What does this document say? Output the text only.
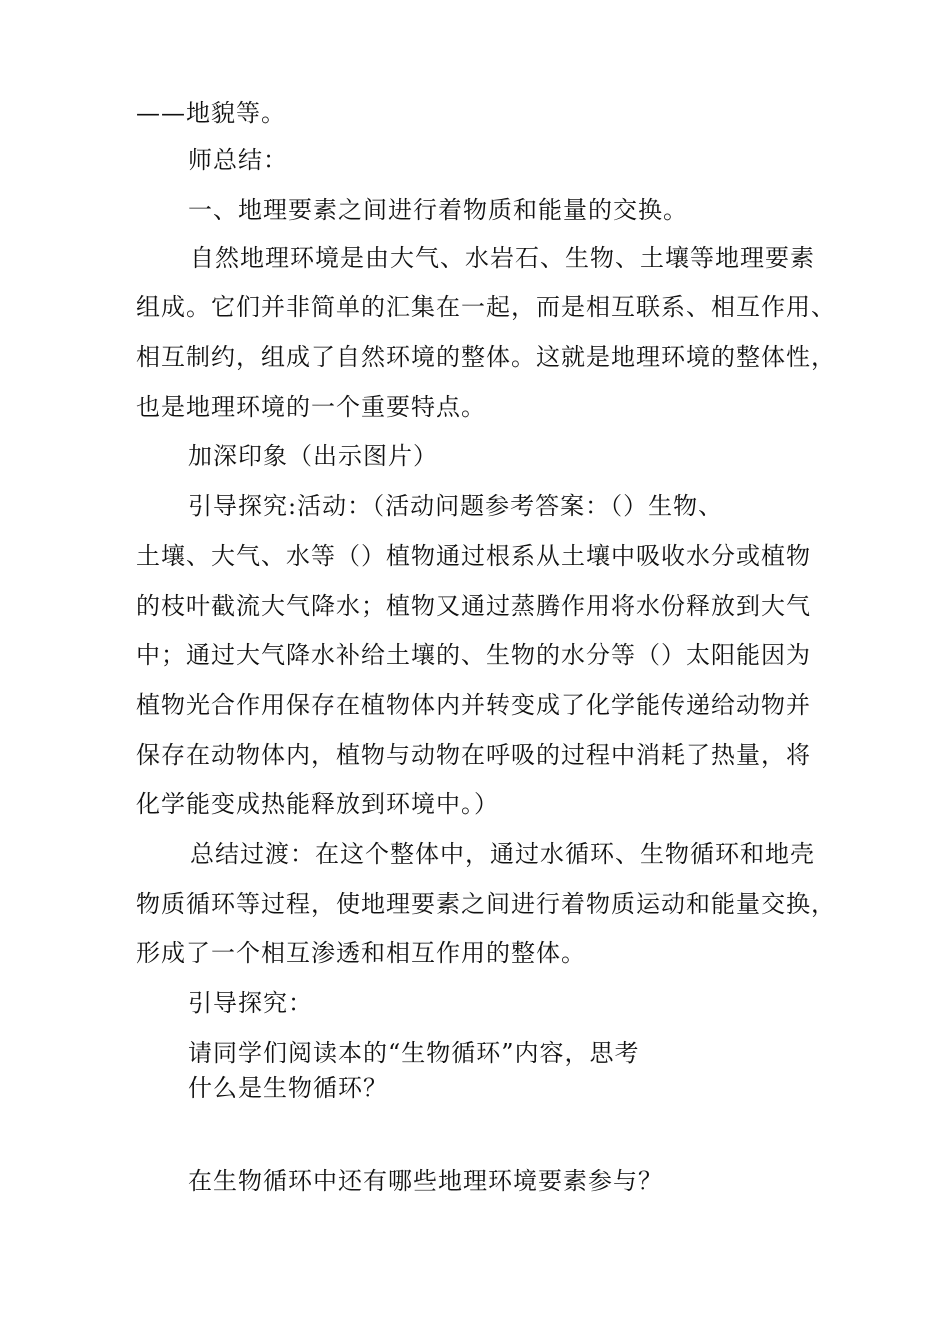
——地貌等。
师总结：
一、地理要素之间进行着物质和能量的交换。
自然地理环境是由大气、水岩石、生物、土壤等地理要素
组成。它们并非简单的汇集在一起，而是相互联系、相互作用、
相互制约，组成了自然环境的整体。这就是地理环境的整体性，
也是地理环境的一个重要特点。
加深印象（出示图片）
引导探究:活动：（活动问题参考答案：（）生物、
土壤、大气、水等（）植物通过根系从土壤中吸收水分或植物
的枝叶截流大气降水；植物又通过蒸腾作用将水份释放到大气
中；通过大气降水补给土壤的、生物的水分等（）太阳能因为
植物光合作用保存在植物体内并转变成了化学能传递给动物并
保存在动物体内，植物与动物在呼吸的过程中消耗了热量，将
化学能变成热能释放到环境中。）
总结过渡：在这个整体中，通过水循环、生物循环和地壳
物质循环等过程，使地理要素之间进行着物质运动和能量交换，
形成了一个相互渗透和相互作用的整体。
引导探究：
请同学们阅读本的“生物循环”内容，思考
什么是生物循环？
在生物循环中还有哪些地理环境要素参与？
